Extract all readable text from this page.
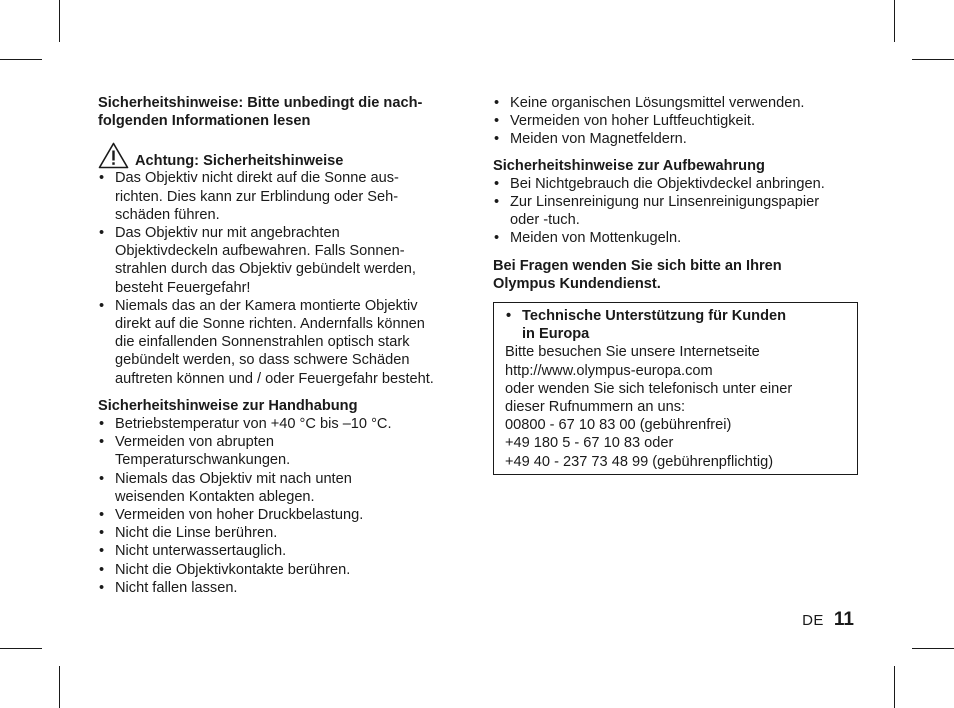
Sicherheitshinweise: Bitte unbedingt die nach-
folgenden Informationen lesen
Achtung: Sicherheitshinweise
• Das Objektiv nicht direkt auf die Sonne aus-
richten. Dies kann zur Erblindung oder Seh-
schäden führen.
• Das Objektiv nur mit angebrachten
Objektivdeckeln aufbewahren. Falls Sonnen-
strahlen durch das Objektiv gebündelt werden,
besteht Feuergefahr!
• Niemals das an der Kamera montierte Objektiv
direkt auf die Sonne richten. Andernfalls können
die einfallenden Sonnenstrahlen optisch stark
gebündelt werden, so dass schwere Schäden
auftreten können und / oder Feuergefahr besteht.
Sicherheitshinweise zur Handhabung
• Betriebstemperatur von +40 °C bis –10 °C.
• Vermeiden von abrupten
Temperaturschwankungen.
• Niemals das Objektiv mit nach unten
weisenden Kontakten ablegen.
• Vermeiden von hoher Druckbelastung.
• Nicht die Linse berühren.
• Nicht unterwassertauglich.
• Nicht die Objektivkontakte berühren.
• Nicht fallen lassen.
• Keine organischen Lösungsmittel verwenden.
• Vermeiden von hoher Luftfeuchtigkeit.
• Meiden von Magnetfeldern.
Sicherheitshinweise zur Aufbewahrung
• Bei Nichtgebrauch die Objektivdeckel anbringen.
• Zur Linsenreinigung nur Linsenreinigungspapier
oder -tuch.
• Meiden von Mottenkugeln.
Bei Fragen wenden Sie sich bitte an Ihren
Olympus Kundendienst.
• Technische Unterstützung für Kunden
in Europa
Bitte besuchen Sie unsere Internetseite
http://www.olympus-europa.com
oder wenden Sie sich telefonisch unter einer
dieser Rufnummern an uns:
00800 - 67 10 83 00 (gebührenfrei)
+49 180 5 - 67 10 83 oder
+49 40 - 237 73 48 99 (gebührenpflichtig)
DE 11
